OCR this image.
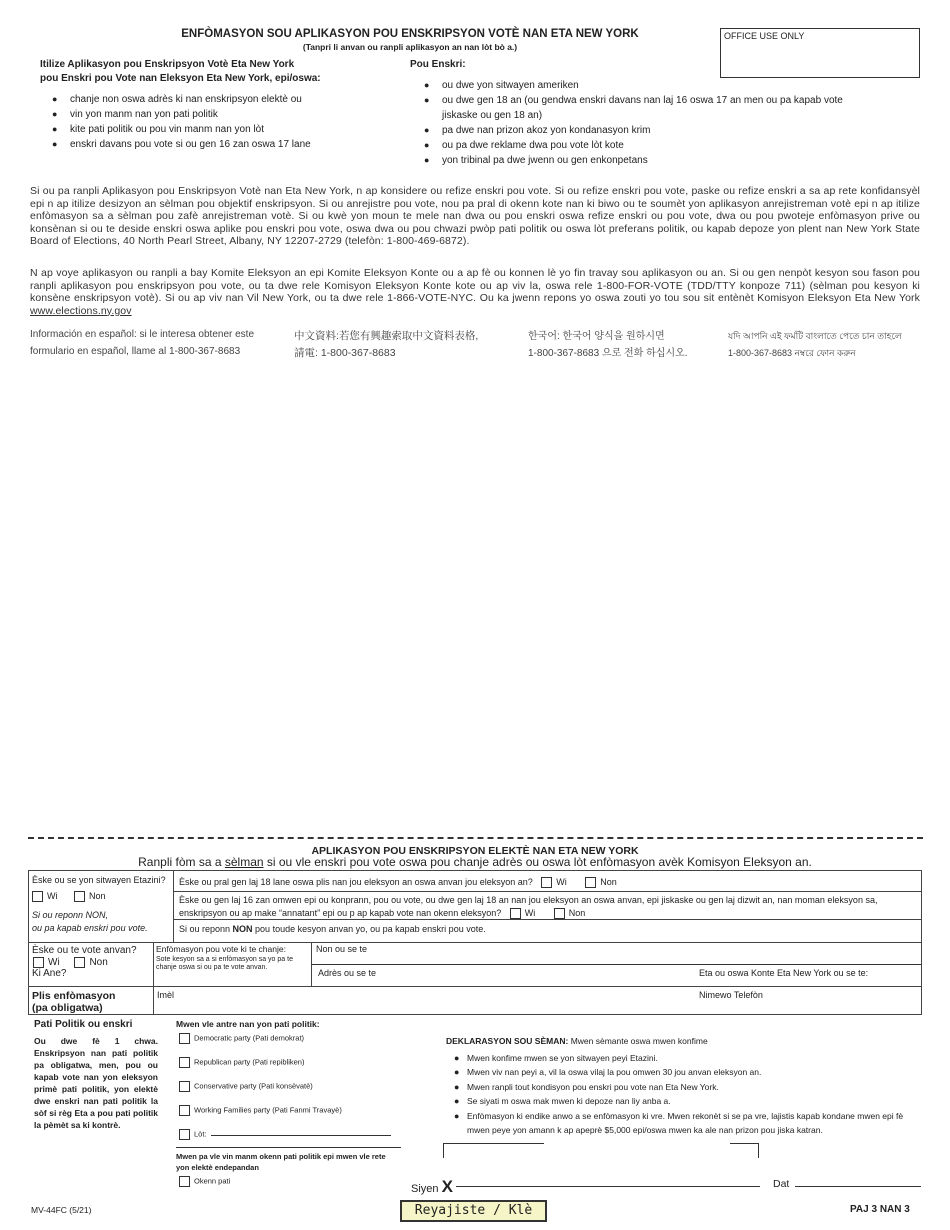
ENFÒMASYON SOU APLIKASYON POU ENSKRIPSYON VOTÈ NAN ETA NEW YORK
(Tanpri li anvan ou ranpli aplikasyon an nan lòt bò a.)
OFFICE USE ONLY
Itilize Aplikasyon pou Enskripsyon Votè Eta New York
pou Enskri pou Vote nan Eleksyon Eta New York, epi/oswa:
● chanje non oswa adrès ki nan enskripsyon elektè ou
● vin yon manm nan yon pati politik
● kite pati politik ou pou vin manm nan yon lòt
● enskri davans pou vote si ou gen 16 zan oswa 17 lane
Pou Enskri:
● ou dwe yon sitwayen ameriken
● ou dwe gen 18 an (ou gendwa enskri davans nan laj 16 oswa 17 an men ou pa kapab vote jiskaske ou gen 18 an)
● pa dwe nan prizon akoz yon kondanasyon krim
● ou pa dwe reklame dwa pou vote lòt kote
● yon tribinal pa dwe jwenn ou gen enkonpetans
Si ou pa ranpli Aplikasyon pou Enskripsyon Votè nan Eta New York, n ap konsidere ou refize enskri pou vote. Si ou refize enskri pou vote, paske ou refize enskri a sa ap rete konfidansyèl epi n ap itilize desizyon an sèlman pou objektif enskripsyon. Si ou anrejistre pou vote, nou pa pral di okenn kote nan ki biwo ou te soumèt yon aplikasyon anrejistreman votè epi n ap itilize enfòmasyon sa a sèlman pou zafè anrejistreman votè. Si ou kwè yon moun te mele nan dwa ou pou enskri oswa refize enskri ou pou vote, dwa ou pou pwoteje enfòmasyon prive ou konsènan si ou te deside enskri oswa aplike pou enskri pou vote, oswa dwa ou pou chwazi pwòp pati politik ou oswa lòt preferans politik, ou kapab depoze yon plent nan New York State Board of Elections, 40 North Pearl Street, Albany, NY 12207-2729 (telefòn: 1-800-469-6872).
N ap voye aplikasyon ou ranpli a bay Komite Eleksyon an epi Komite Eleksyon Konte ou a ap fè ou konnen lè yo fin travay sou aplikasyon ou an. Si ou gen nenpòt kesyon sou fason pou ranpli aplikasyon pou enskripsyon pou vote, ou ta dwe rele Komisyon Eleksyon Konte kote ou ap viv la, oswa rele 1-800-FOR-VOTE (TDD/TTY konpoze 711) (sèlman pou kesyon ki konsène enskripsyon votè). Si ou ap viv nan Vil New York, ou ta dwe rele 1-866-VOTE-NYC. Ou ka jwenn repons yo oswa zouti yo tou sou sit entènèt Komisyon Eleksyon Eta New York www.elections.ny.gov
Información en español: si le interesa obtener este
formulario en español, llame al 1-800-367-8683
中文資料:若您有興趣索取中文資料表格,
請電: 1-800-367-8683
한국어: 한국어 양식을 원하시면
1-800-367-8683 으로 전화 하십시오.
যদি আপনি এই ফর্মটি বাংলাতে পেতে চান তাহলে
1-800-367-8683 নম্বরে ফোন করুন
APLIKASYON POU ENSKRIPSYON ELEKTÈ NAN ETA NEW YORK
Ranpli fòm sa a sèlman si ou vle enskri pou vote oswa pou chanje adrès ou oswa lòt enfòmasyon avèk Komisyon Eleksyon an.
Èske ou se yon sitwayen Etazini?
Wi	Non
Si ou reponn NON,
ou pa kapab enskri pou vote.
Èske ou pral gen laj 18 lane oswa plis nan jou eleksyon an oswa anvan jou eleksyon an?	Wi	Non
Èske ou gen laj 16 zan omwen epi ou konprann, pou ou vote, ou dwe gen laj 18 an nan jou eleksyon an oswa anvan, epi jiskaske ou gen laj dizwit an, nan moman eleksyon sa, enskripsyon ou ap make “annatant” epi ou p ap kapab vote nan okenn eleksyon?	Wi	Non
Si ou reponn NON pou toude kesyon anvan yo, ou pa kapab enskri pou vote.
Èske ou te vote anvan?
Wi	Non
Ki Ane?
Enfòmasyon pou vote ki te chanje:
Sote kesyon sa a si enfòmasyon sa yo pa te chanje oswa si ou pa te vote anvan.
Non ou se te
Adrès ou se te	Eta ou oswa Konte Eta New York ou se te:
Plis enfòmasyon
(pa obligatwa)
Imèl	Nimewo Telefòn
Pati Politik ou enskri
Ou dwe fè 1 chwa. Enskripsyon nan pati politik pa obligatwa, men, pou ou kapab vote nan yon eleksyon primè pati politik, yon elektè dwe enskri nan pati politik la sòf si règ Eta a pou pati politik la pèmèt sa ki kontrè.
Mwen vle antre nan yon pati politik:
Democratic party (Pati demokrat)
Republican party (Pati repibliken)
Conservative party (Pati konsèvatè)
Working Families party (Pati Fanmi Travayè)
Lòt:
Mwen pa vle vin manm okenn pati politik epi mwen vle rete yon elektè endepandan
Okenn pati
DEKLARASYON SOU SÈMAN: Mwen sèmante oswa mwen konfime
● Mwen konfime mwen se yon sitwayen peyi Etazini.
● Mwen viv nan peyi a, vil la oswa vilaj la pou omwen 30 jou anvan eleksyon an.
● Mwen ranpli tout kondisyon pou enskri pou vote nan Eta New York.
● Se siyati m oswa mak mwen ki depoze nan liy anba a.
● Enfòmasyon ki endike anwo a se enfòmasyon ki vre. Mwen rekonèt si se pa vre, lajistis kapab kondane mwen epi fè mwen peye yon amann k ap apeprè $5,000 epi/oswa mwen ka ale nan prizon pou jiska katran.
Siyen X	Dat
MV-44FC (5/21)	PAJ 3 NAN 3
Reyajiste / Klè
